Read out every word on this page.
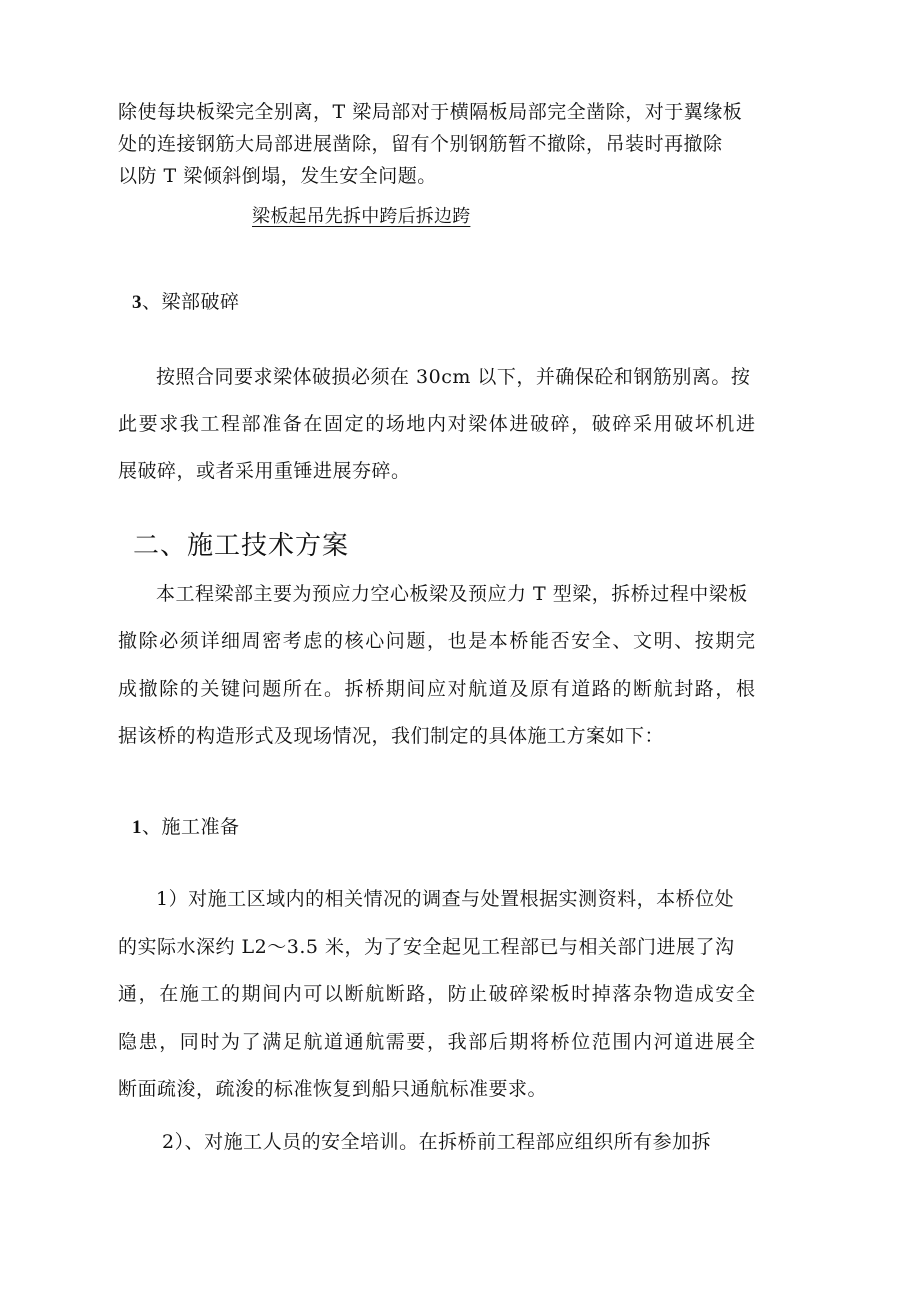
除使每块板梁完全别离，T 梁局部对于横隔板局部完全凿除，对于翼缘板
处的连接钢筋大局部进展凿除，留有个别钢筋暂不撤除，吊装时再撤除
以防 T 梁倾斜倒塌，发生安全问题。
梁板起吊先拆中跨后拆边跨
3、梁部破碎
按照合同要求梁体破损必须在 30cm 以下，并确保砼和钢筋别离。按
此要求我工程部准备在固定的场地内对梁体进破碎，破碎采用破坏机进
展破碎，或者采用重锤进展夯碎。
二、施工技术方案
本工程梁部主要为预应力空心板梁及预应力 T 型梁，拆桥过程中梁板
撤除必须详细周密考虑的核心问题，也是本桥能否安全、文明、按期完
成撤除的关键问题所在。拆桥期间应对航道及原有道路的断航封路，根
据该桥的构造形式及现场情况，我们制定的具体施工方案如下：
1、施工准备
1）对施工区域内的相关情况的调查与处置根据实测资料，本桥位处
的实际水深约 L2～3.5 米，为了安全起见工程部已与相关部门进展了沟
通，在施工的期间内可以断航断路，防止破碎梁板时掉落杂物造成安全
隐患，同时为了满足航道通航需要，我部后期将桥位范围内河道进展全
断面疏浚，疏浚的标准恢复到船只通航标准要求。
2）、对施工人员的安全培训。在拆桥前工程部应组织所有参加拆
